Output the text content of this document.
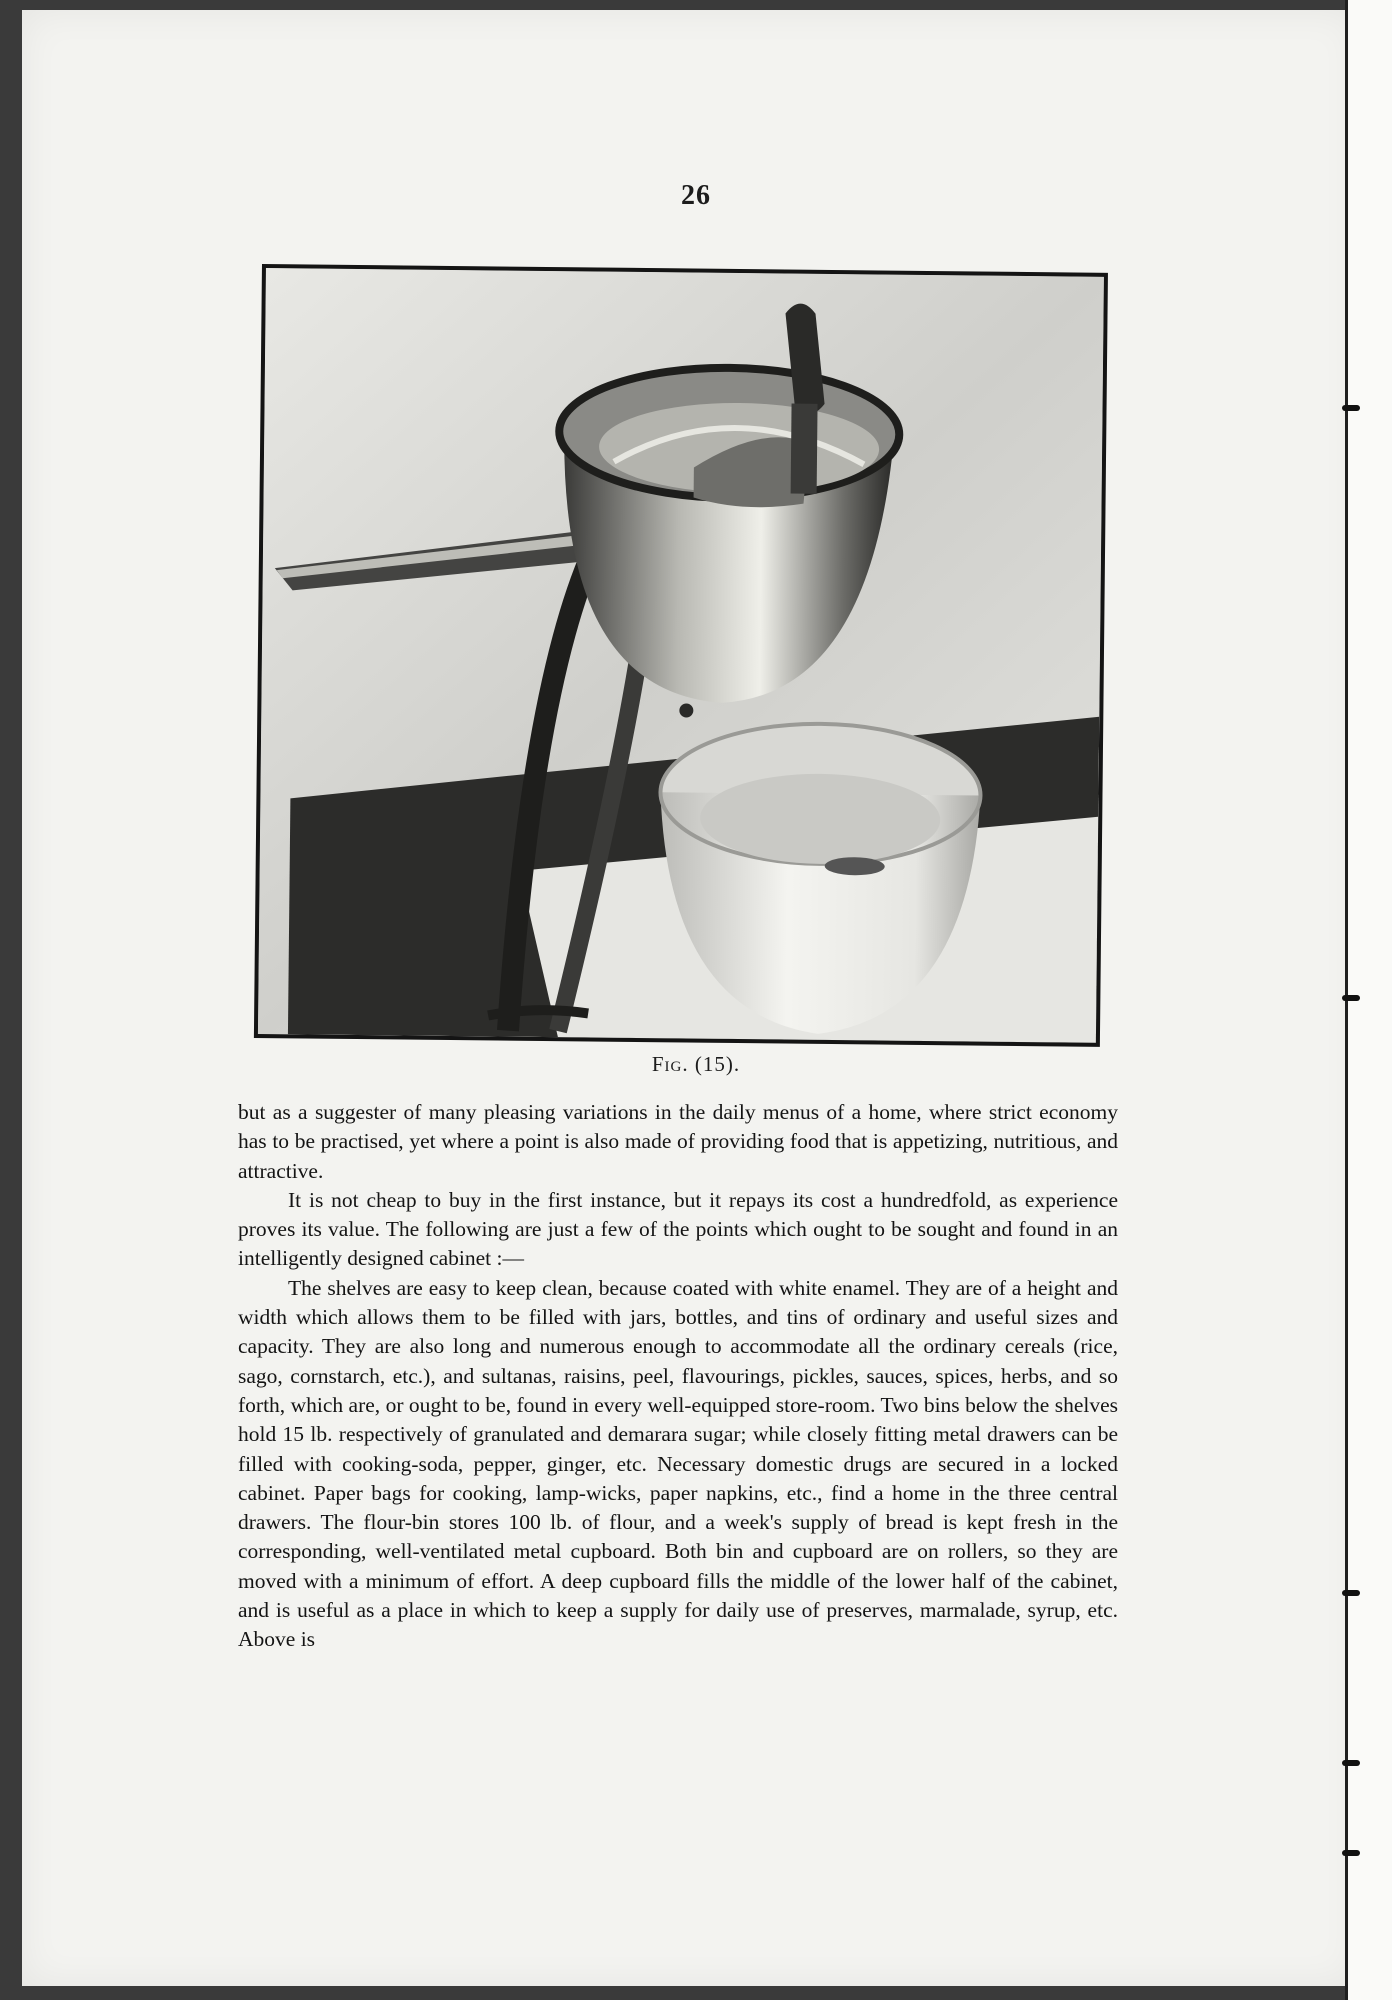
26
Fig. (15).

but as a suggester of many pleasing variations in the daily menus of a home, where strict economy has to be practised, yet where a point is also made of providing food that is appetizing, nutritious, and attractive.

It is not cheap to buy in the first instance, but it repays its cost a hundredfold, as experience proves its value. The following are just a few of the points which ought to be sought and found in an intelligently designed cabinet :—

The shelves are easy to keep clean, because coated with white enamel. They are of a height and width which allows them to be filled with jars, bottles, and tins of ordinary and useful sizes and capacity. They are also long and numerous enough to accommodate all the ordinary cereals (rice, sago, cornstarch, etc.), and sultanas, raisins, peel, flavourings, pickles, sauces, spices, herbs, and so forth, which are, or ought to be, found in every well-equipped store-room. Two bins below the shelves hold 15 lb. respectively of granulated and demarara sugar; while closely fitting metal drawers can be filled with cooking-soda, pepper, ginger, etc. Necessary domestic drugs are secured in a locked cabinet. Paper bags for cooking, lamp-wicks, paper napkins, etc., find a home in the three central drawers. The flour-bin stores 100 lb. of flour, and a week's supply of bread is kept fresh in the corresponding, well-ventilated metal cupboard. Both bin and cupboard are on rollers, so they are moved with a minimum of effort. A deep cupboard fills the middle of the lower half of the cabinet, and is useful as a place in which to keep a supply for daily use of preserves, marmalade, syrup, etc. Above is
